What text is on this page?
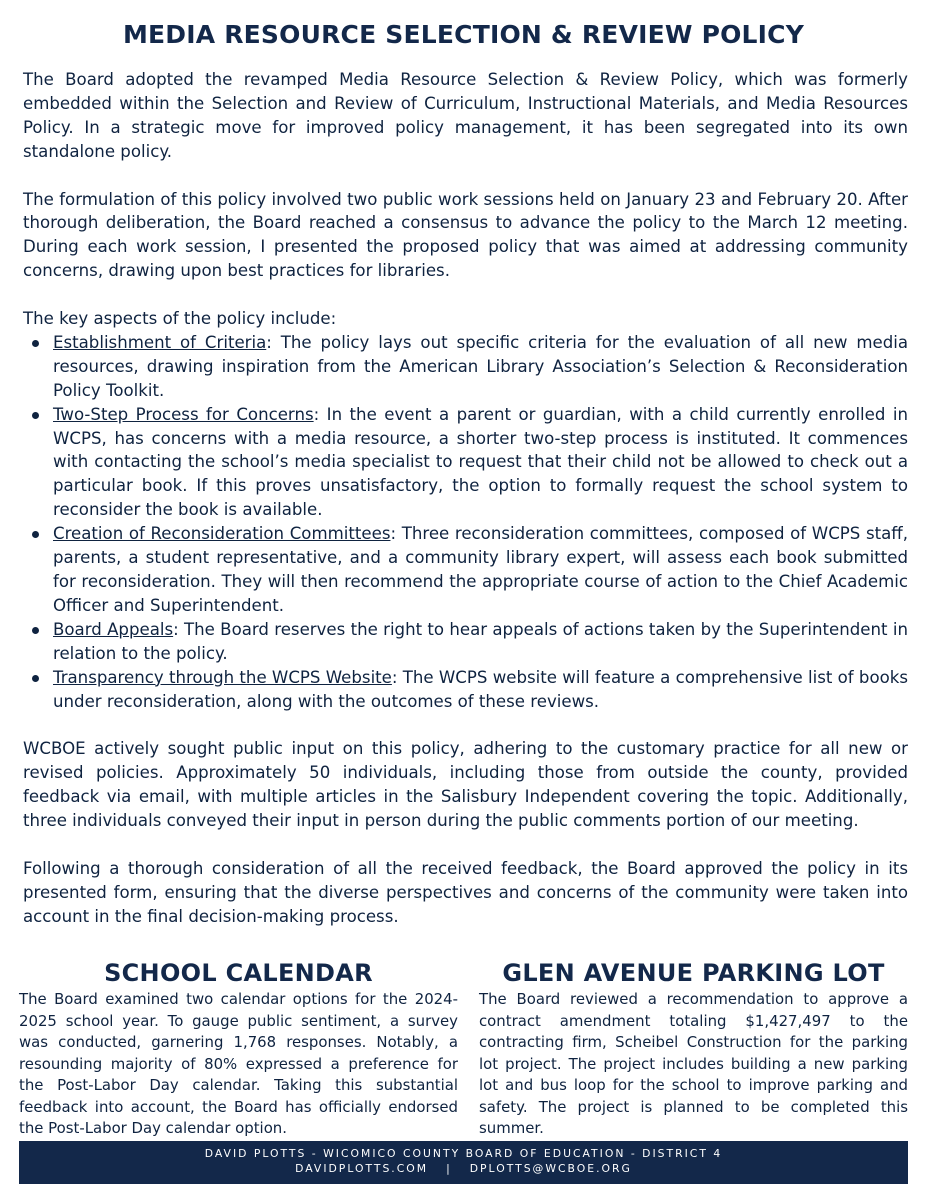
MEDIA RESOURCE SELECTION & REVIEW POLICY

The Board adopted the revamped Media Resource Selection & Review Policy, which was formerly embedded within the Selection and Review of Curriculum, Instructional Materials, and Media Resources Policy. In a strategic move for improved policy management, it has been segregated into its own standalone policy.

The formulation of this policy involved two public work sessions held on January 23 and February 20. After thorough deliberation, the Board reached a consensus to advance the policy to the March 12 meeting. During each work session, I presented the proposed policy that was aimed at addressing community concerns, drawing upon best practices for libraries.

The key aspects of the policy include:

Establishment of Criteria: The policy lays out specific criteria for the evaluation of all new media resources, drawing inspiration from the American Library Association’s Selection & Reconsideration Policy Toolkit.
Two-Step Process for Concerns: In the event a parent or guardian, with a child currently enrolled in WCPS, has concerns with a media resource, a shorter two-step process is instituted. It commences with contacting the school’s media specialist to request that their child not be allowed to check out a particular book. If this proves unsatisfactory, the option to formally request the school system to reconsider the book is available.
Creation of Reconsideration Committees: Three reconsideration committees, composed of WCPS staff, parents, a student representative, and a community library expert, will assess each book submitted for reconsideration. They will then recommend the appropriate course of action to the Chief Academic Officer and Superintendent.
Board Appeals: The Board reserves the right to hear appeals of actions taken by the Superintendent in relation to the policy.
Transparency through the WCPS Website: The WCPS website will feature a comprehensive list of books under reconsideration, along with the outcomes of these reviews.

WCBOE actively sought public input on this policy, adhering to the customary practice for all new or revised policies. Approximately 50 individuals, including those from outside the county, provided feedback via email, with multiple articles in the Salisbury Independent covering the topic. Additionally, three individuals conveyed their input in person during the public comments portion of our meeting.

Following a thorough consideration of all the received feedback, the Board approved the policy in its presented form, ensuring that the diverse perspectives and concerns of the community were taken into account in the final decision-making process.

SCHOOL CALENDAR

The Board examined two calendar options for the 2024-2025 school year. To gauge public sentiment, a survey was conducted, garnering 1,768 responses. Notably, a resounding majority of 80% expressed a preference for the Post-Labor Day calendar. Taking this substantial feedback into account, the Board has officially endorsed the Post-Labor Day calendar option.

GLEN AVENUE PARKING LOT

The Board reviewed a recommendation to approve a contract amendment totaling $1,427,497 to the contracting firm, Scheibel Construction for the parking lot project. The project includes building a new parking lot and bus loop for the school to improve parking and safety. The project is planned to be completed this summer.

DAVID PLOTTS - WICOMICO COUNTY BOARD OF EDUCATION - DISTRICT 4
DAVIDPLOTTS.COM | DPLOTTS@WCBOE.ORG
